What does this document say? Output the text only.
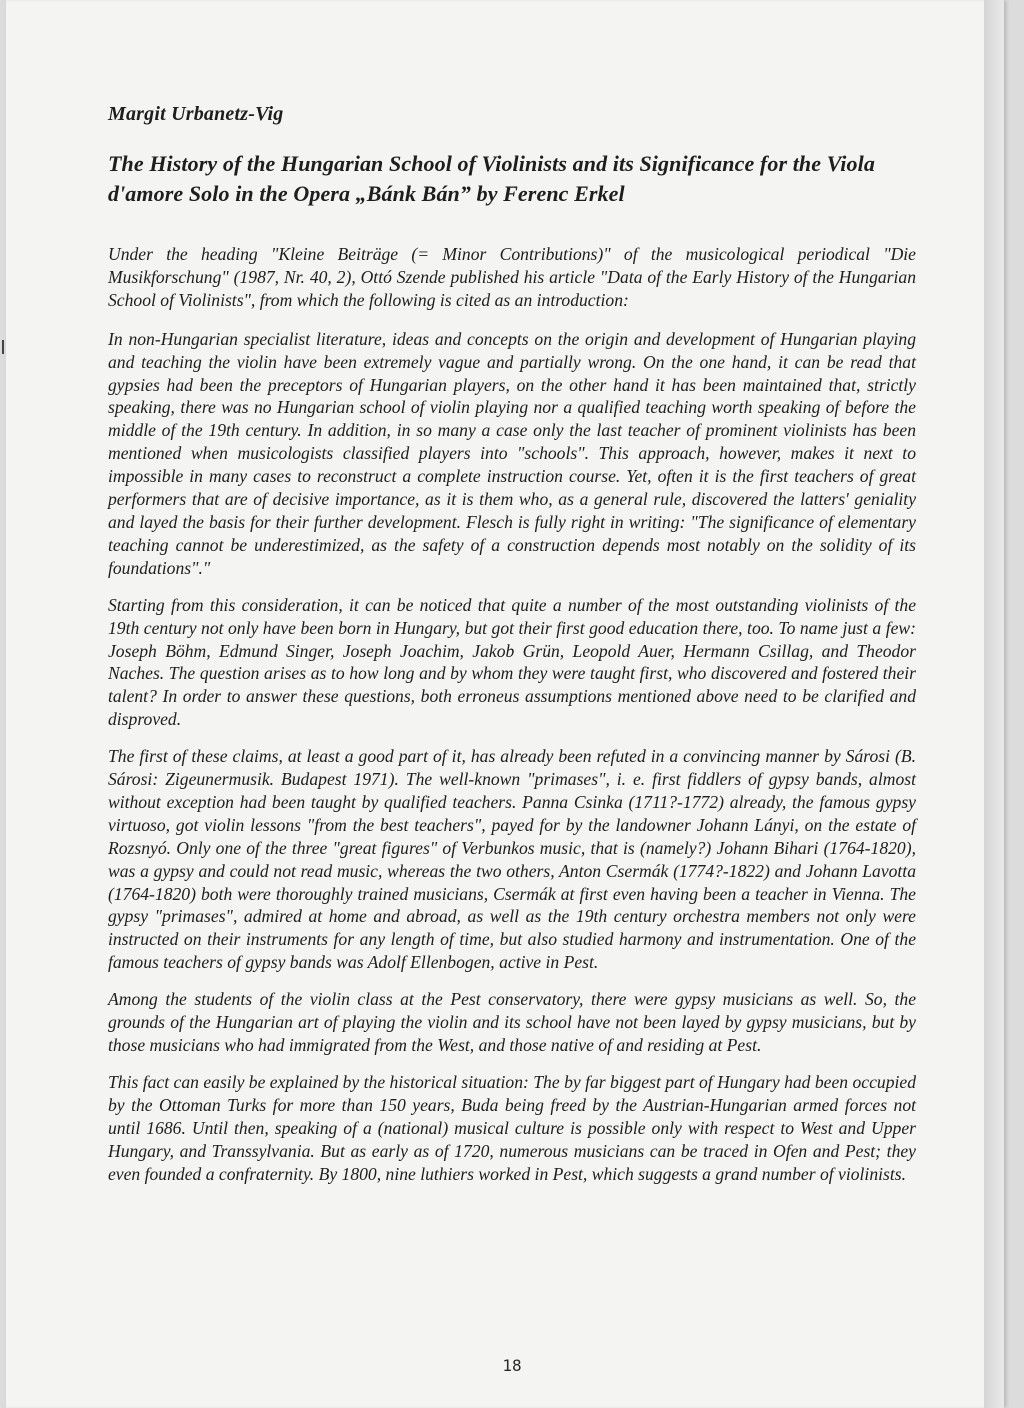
Margit Urbanetz-Vig
The History of the Hungarian School of Violinists and its Significance for the Viola d'amore Solo in the Opera „Bánk Bán” by Ferenc Erkel

Under the heading "Kleine Beiträge (= Minor Contributions)" of the musicological periodical "Die Musikforschung" (1987, Nr. 40, 2), Ottó Szende published his article "Data of the Early History of the Hungarian School of Violinists", from which the following is cited as an introduction:

In non-Hungarian specialist literature, ideas and concepts on the origin and development of Hungarian playing and teaching the violin have been extremely vague and partially wrong. On the one hand, it can be read that gypsies had been the preceptors of Hungarian players, on the other hand it has been maintained that, strictly speaking, there was no Hungarian school of violin playing nor a qualified teaching worth speaking of before the middle of the 19th century. In addition, in so many a case only the last teacher of prominent violinists has been mentioned when musicologists classified players into "schools". This approach, however, makes it next to impossible in many cases to reconstruct a complete instruction course. Yet, often it is the first teachers of great performers that are of decisive importance, as it is them who, as a general rule, discovered the latters' geniality and layed the basis for their further development. Flesch is fully right in writing: "The significance of elementary teaching cannot be underestimized, as the safety of a construction depends most notably on the solidity of its foundations"."

Starting from this consideration, it can be noticed that quite a number of the most outstanding violinists of the 19th century not only have been born in Hungary, but got their first good education there, too. To name just a few: Joseph Böhm, Edmund Singer, Joseph Joachim, Jakob Grün, Leopold Auer, Hermann Csillag, and Theodor Naches. The question arises as to how long and by whom they were taught first, who discovered and fostered their talent? In order to answer these questions, both erroneus assumptions mentioned above need to be clarified and disproved.

The first of these claims, at least a good part of it, has already been refuted in a convincing manner by Sárosi (B. Sárosi: Zigeunermusik. Budapest 1971). The well-known "primases", i. e. first fiddlers of gypsy bands, almost without exception had been taught by qualified teachers. Panna Csinka (1711?-1772) already, the famous gypsy virtuoso, got violin lessons "from the best teachers", payed for by the landowner Johann Lányi, on the estate of Rozsnyó. Only one of the three "great figures" of Verbunkos music, that is (namely?) Johann Bihari (1764-1820), was a gypsy and could not read music, whereas the two others, Anton Csermák (1774?-1822) and Johann Lavotta (1764-1820) both were thoroughly trained musicians, Csermák at first even having been a teacher in Vienna. The gypsy "primases", admired at home and abroad, as well as the 19th century orchestra members not only were instructed on their instruments for any length of time, but also studied harmony and instrumentation. One of the famous teachers of gypsy bands was Adolf Ellenbogen, active in Pest.

Among the students of the violin class at the Pest conservatory, there were gypsy musicians as well. So, the grounds of the Hungarian art of playing the violin and its school have not been layed by gypsy musicians, but by those musicians who had immigrated from the West, and those native of and residing at Pest.

This fact can easily be explained by the historical situation: The by far biggest part of Hungary had been occupied by the Ottoman Turks for more than 150 years, Buda being freed by the Austrian-Hungarian armed forces not until 1686. Until then, speaking of a (national) musical culture is possible only with respect to West and Upper Hungary, and Transsylvania. But as early as of 1720, numerous musicians can be traced in Ofen and Pest; they even founded a confraternity. By 1800, nine luthiers worked in Pest, which suggests a grand number of violinists.

18
